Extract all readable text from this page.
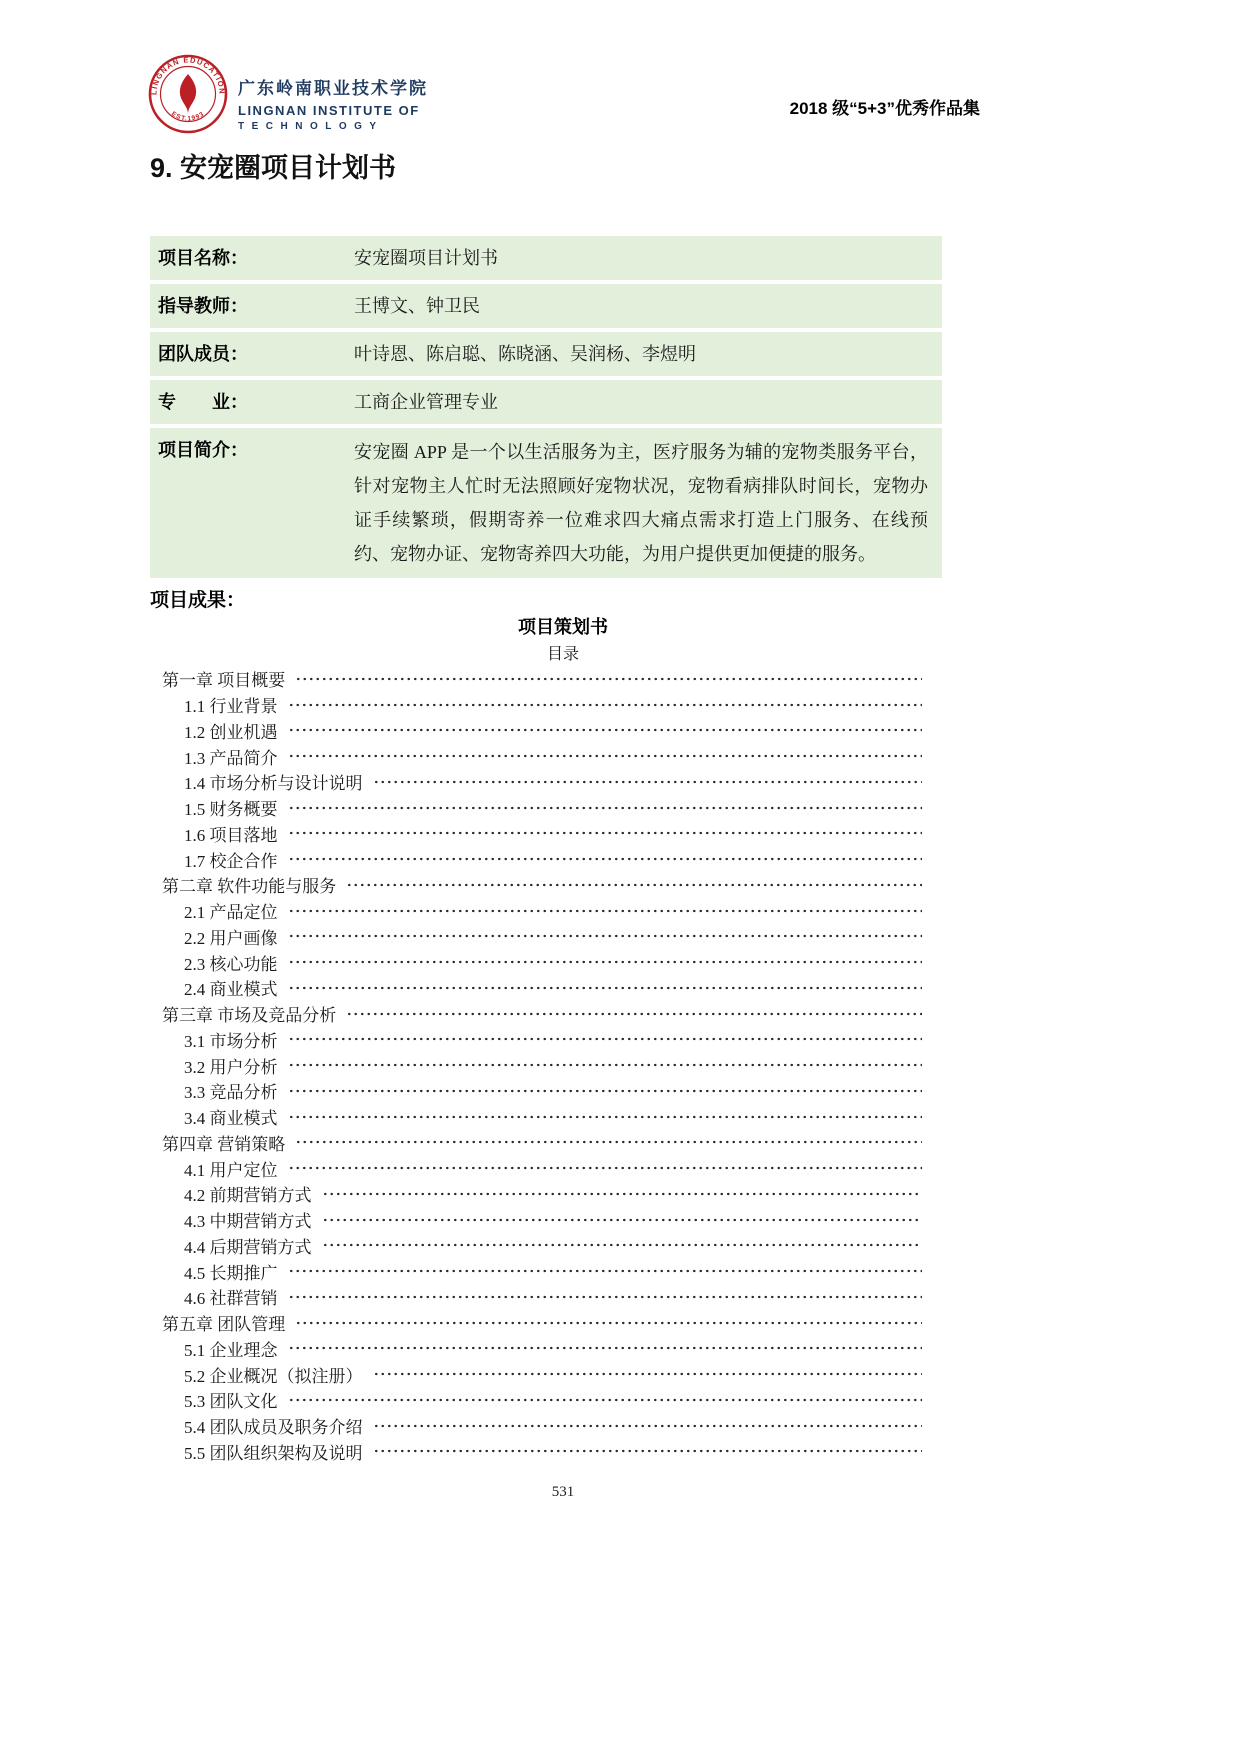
LINGNAN EDUCATION
EST.1993
广东岭南职业技术学院
LINGNAN INSTITUTE OF
TECHNOLOGY
2018 级“5+3”优秀作品集
9. 安宠圈项目计划书
项目名称：	安宠圈项目计划书
指导教师：	王博文、钟卫民
团队成员：	叶诗恩、陈启聪、陈晓涵、吴润杨、李煜明
专　　业：	工商企业管理专业
项目简介：	安宠圈 APP 是一个以生活服务为主，医疗服务为辅的宠物类服务平台，针对宠物主人忙时无法照顾好宠物状况，宠物看病排队时间长，宠物办证手续繁琐，假期寄养一位难求四大痛点需求打造上门服务、在线预约、宠物办证、宠物寄养四大功能，为用户提供更加便捷的服务。
项目成果：
项目策划书
目录
第一章 项目概要
1.1 行业背景
1.2 创业机遇
1.3 产品简介
1.4 市场分析与设计说明
1.5 财务概要
1.6 项目落地
1.7 校企合作
第二章 软件功能与服务
2.1 产品定位
2.2 用户画像
2.3 核心功能
2.4 商业模式
第三章 市场及竞品分析
3.1 市场分析
3.2 用户分析
3.3 竞品分析
3.4 商业模式
第四章 营销策略
4.1 用户定位
4.2 前期营销方式
4.3 中期营销方式
4.4 后期营销方式
4.5 长期推广
4.6 社群营销
第五章 团队管理
5.1 企业理念
5.2 企业概况（拟注册）
5.3 团队文化
5.4 团队成员及职务介绍
5.5 团队组织架构及说明
531
